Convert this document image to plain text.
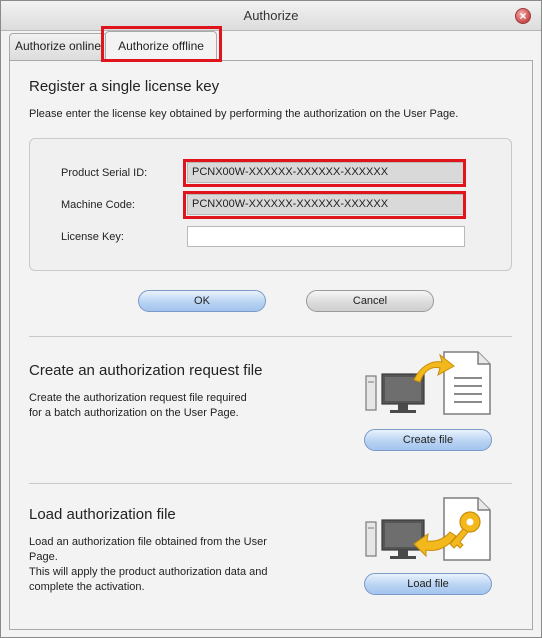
Authorize	×
Authorize online	Authorize offline
Register a single license key
Please enter the license key obtained by performing the authorization on the User Page.
Product Serial ID:	PCNX00W-XXXXXX-XXXXXX-XXXXXX
Machine Code:	PCNX00W-XXXXXX-XXXXXX-XXXXXX
License Key:
OK	Cancel
Create an authorization request file
Create the authorization request file required
for a batch authorization on the User Page.
Create file
Load authorization file
Load an authorization file obtained from the User
Page.
This will apply the product authorization data and
complete the activation.	Load file
